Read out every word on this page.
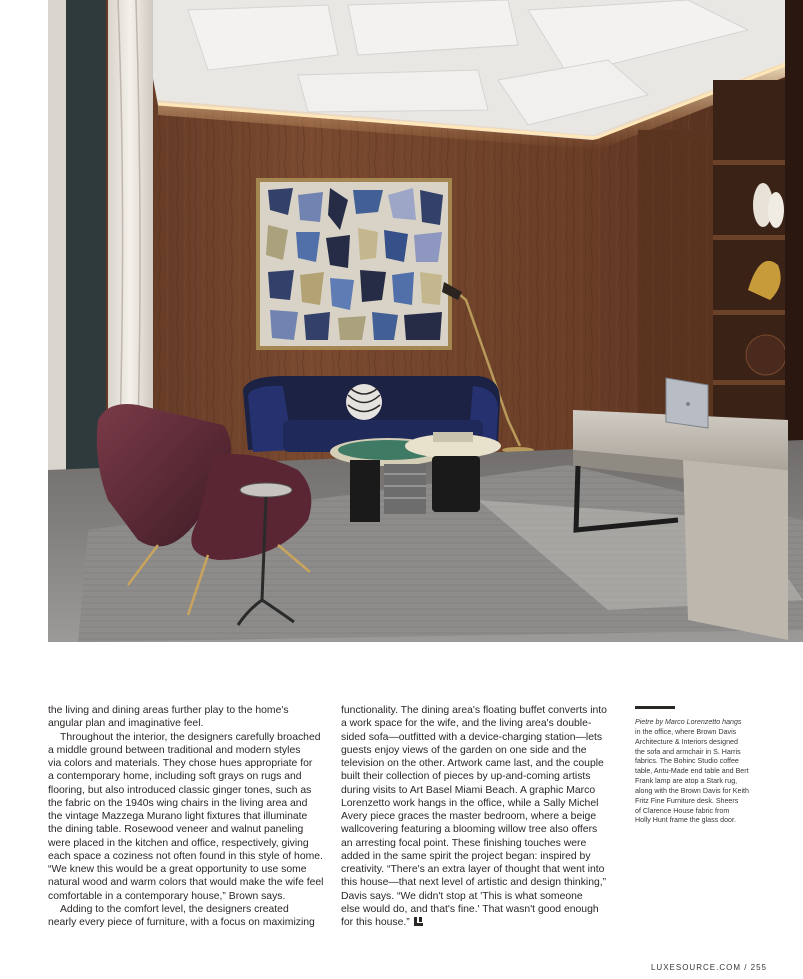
the living and dining areas further play to the home's
angular plan and imaginative feel.
Throughout the interior, the designers carefully broached
a middle ground between traditional and modern styles
via colors and materials. They chose hues appropriate for
a contemporary home, including soft grays on rugs and
flooring, but also introduced classic ginger tones, such as
the fabric on the 1940s wing chairs in the living area and
the vintage Mazzega Murano light fixtures that illuminate
the dining table. Rosewood veneer and walnut paneling
were placed in the kitchen and office, respectively, giving
each space a coziness not often found in this style of home.
“We knew this would be a great opportunity to use some
natural wood and warm colors that would make the wife feel
comfortable in a contemporary house,” Brown says.
Adding to the comfort level, the designers created
nearly every piece of furniture, with a focus on maximizing
functionality. The dining area's floating buffet converts into
a work space for the wife, and the living area's double-
sided sofa—outfitted with a device-charging station—lets
guests enjoy views of the garden on one side and the
television on the other. Artwork came last, and the couple
built their collection of pieces by up-and-coming artists
during visits to Art Basel Miami Beach. A graphic Marco
Lorenzetto work hangs in the office, while a Sally Michel
Avery piece graces the master bedroom, where a beige
wallcovering featuring a blooming willow tree also offers
an arresting focal point. These finishing touches were
added in the same spirit the project began: inspired by
creativity. “There's an extra layer of thought that went into
this house—that next level of artistic and design thinking,”
Davis says. “We didn't stop at 'This is what someone
else would do, and that's fine.' That wasn't good enough
for this house.”
Pietre by Marco Lorenzetto hangs
in the office, where Brown Davis
Architecture & Interiors designed
the sofa and armchair in S. Harris
fabrics. The Bohinc Studio coffee
table, Antu-Made end table and Bert
Frank lamp are atop a Stark rug,
along with the Brown Davis for Keith
Fritz Fine Furniture desk. Sheers
of Clarence House fabric from
Holly Hunt frame the glass door.
LUXESOURCE.COM / 255
